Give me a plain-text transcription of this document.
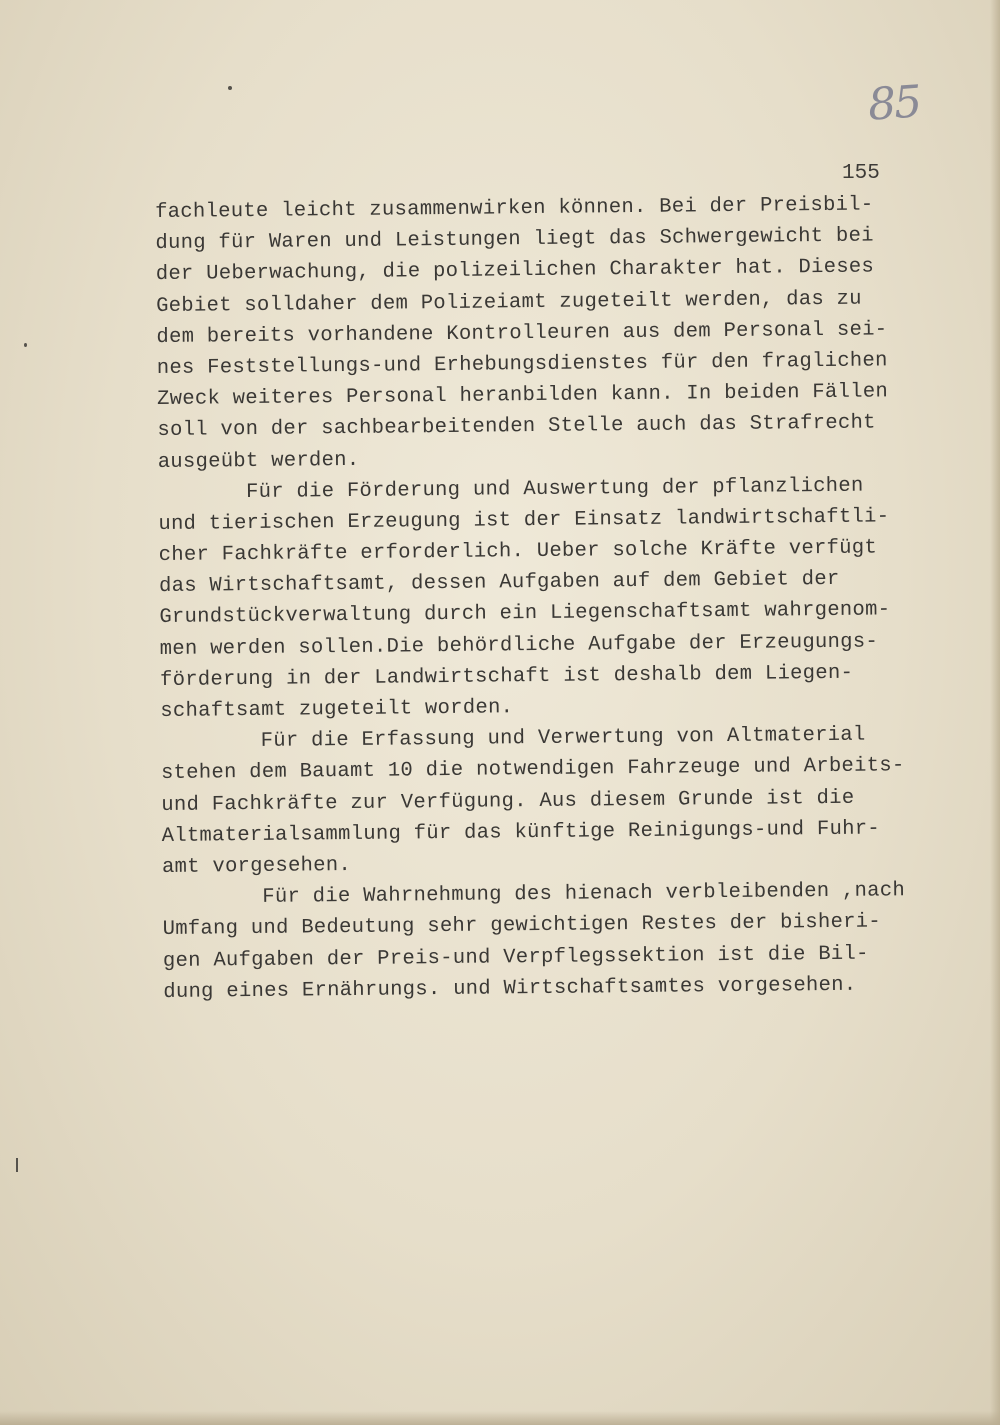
85
155
fachleute leicht zusammenwirken können. Bei der Preisbil-
dung für Waren und Leistungen liegt das Schwergewicht bei
der Ueberwachung, die polizeilichen Charakter hat. Dieses
Gebiet solldaher dem Polizeiamt zugeteilt werden, das zu
dem bereits vorhandene Kontrolleuren aus dem Personal sei-
nes Feststellungs-und Erhebungsdienstes für den fraglichen
Zweck weiteres Personal heranbilden kann. In beiden Fällen
soll von der sachbearbeitenden Stelle auch das Strafrecht
ausgeübt werden.
Für die Förderung und Auswertung der pflanzlichen
und tierischen Erzeugung ist der Einsatz landwirtschaftli-
cher Fachkräfte erforderlich. Ueber solche Kräfte verfügt
das Wirtschaftsamt, dessen Aufgaben auf dem Gebiet der
Grundstückverwaltung durch ein Liegenschaftsamt wahrgenom-
men werden sollen.Die behördliche Aufgabe der Erzeugungs-
förderung in der Landwirtschaft ist deshalb dem Liegen-
schaftsamt zugeteilt worden.
Für die Erfassung und Verwertung von Altmaterial
stehen dem Bauamt 10 die notwendigen Fahrzeuge und Arbeits-
und Fachkräfte zur Verfügung. Aus diesem Grunde ist die
Altmaterialsammlung für das künftige Reinigungs-und Fuhr-
amt vorgesehen.
Für die Wahrnehmung des hienach verbleibenden ,nach
Umfang und Bedeutung sehr gewichtigen Restes der bisheri-
gen Aufgaben der Preis-und Verpflegssektion ist die Bil-
dung eines Ernährungs. und Wirtschaftsamtes vorgesehen.
